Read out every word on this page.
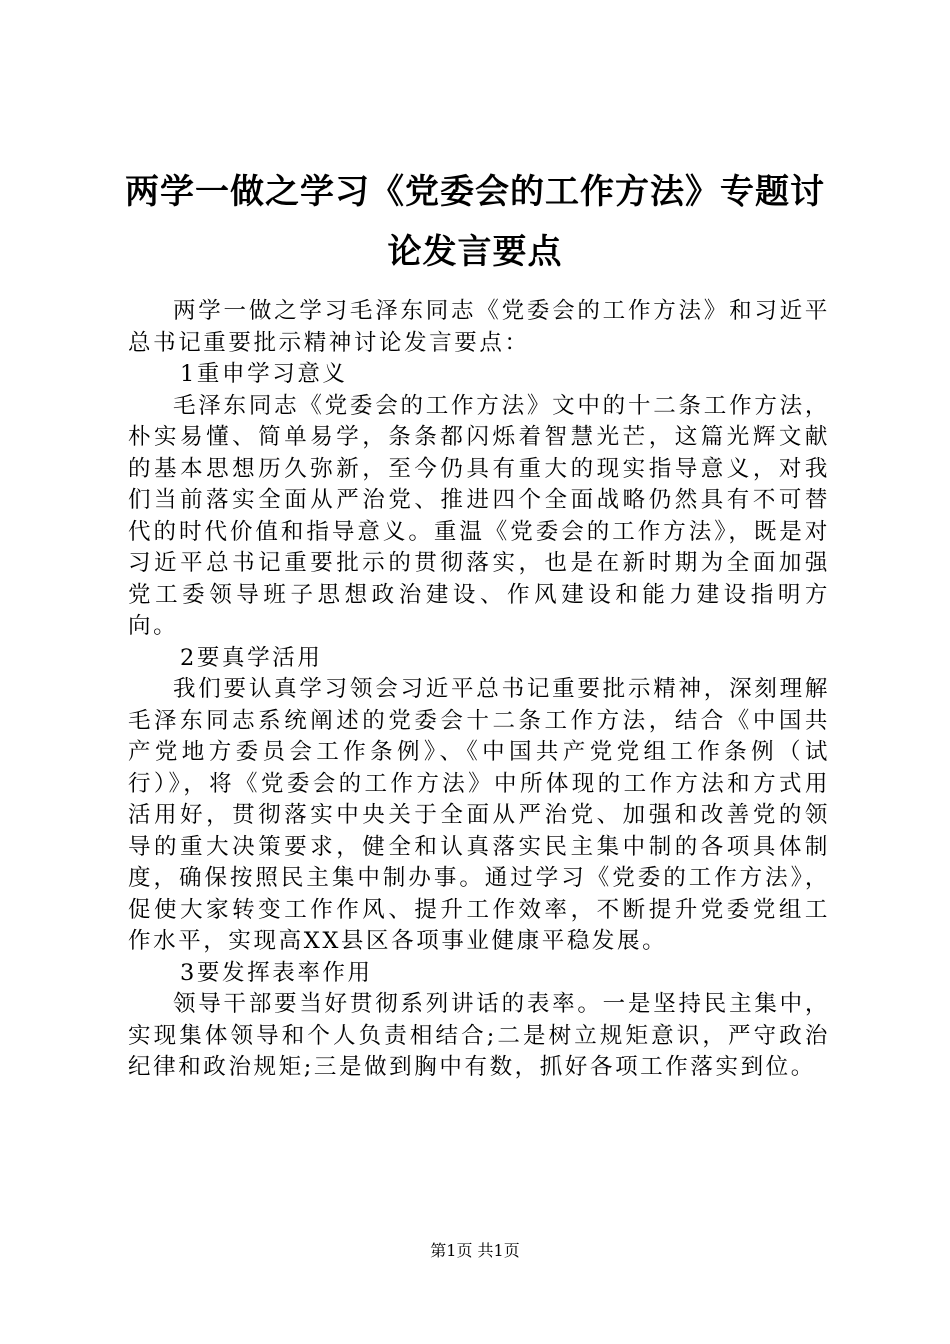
两学一做之学习《党委会的工作方法》专题讨论发言要点

两学一做之学习毛泽东同志《党委会的工作方法》和习近平总书记重要批示精神讨论发言要点：

1重申学习意义

毛泽东同志《党委会的工作方法》文中的十二条工作方法，朴实易懂、简单易学，条条都闪烁着智慧光芒，这篇光辉文献的基本思想历久弥新，至今仍具有重大的现实指导意义，对我们当前落实全面从严治党、推进四个全面战略仍然具有不可替代的时代价值和指导意义。重温《党委会的工作方法》，既是对习近平总书记重要批示的贯彻落实，也是在新时期为全面加强党工委领导班子思想政治建设、作风建设和能力建设指明方向。

2要真学活用

我们要认真学习领会习近平总书记重要批示精神，深刻理解毛泽东同志系统阐述的党委会十二条工作方法，结合《中国共产党地方委员会工作条例》、《中国共产党党组工作条例（试行）》，将《党委会的工作方法》中所体现的工作方法和方式用活用好，贯彻落实中央关于全面从严治党、加强和改善党的领导的重大决策要求，健全和认真落实民主集中制的各项具体制度，确保按照民主集中制办事。通过学习《党委的工作方法》，促使大家转变工作作风、提升工作效率，不断提升党委党组工作水平，实现高XX县区各项事业健康平稳发展。

3要发挥表率作用

领导干部要当好贯彻系列讲话的表率。一是坚持民主集中，实现集体领导和个人负责相结合;二是树立规矩意识，严守政治纪律和政治规矩;三是做到胸中有数，抓好各项工作落实到位。

第1页 共1页
